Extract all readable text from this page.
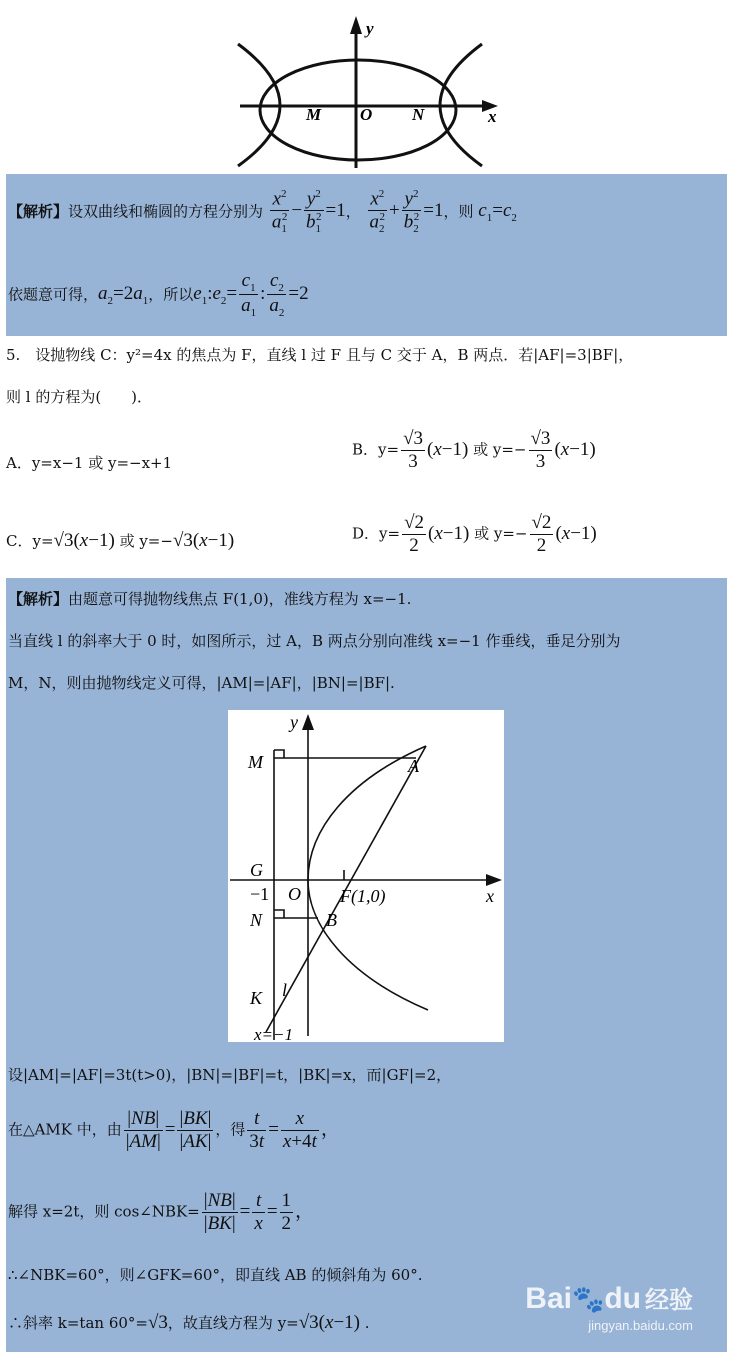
y
x
M O N
【解析】设双曲线和椭圆的方程分别为 $\frac{x^2}{a_1^2} - \frac{y^2}{b_1^2} =1$， $\frac{x^2}{a_2^2} + \frac{y^2}{b_2^2} =1$，则 $c_1=c_2$
依题意可得，$a_2=2a_1$，所以$e_1:e_2= \frac{c_1}{a_1}$ : $\frac{c_2}{a_2} =2$
5.　设抛物线 C：y²=4x 的焦点为 F，直线 l 过 F 且与 C 交于 A，B 两点．若|AF|=3|BF|，
则 l 的方程为(　　)．
A．y=x−1 或 y=−x+1
B．$y= \frac{√3}{3} (x-1)$ 或 $y=- \frac{√3}{3} (x-1)$
C．y=√3(x−1) 或 y=−√3(x−1)	D．$y= \frac{√2}{2} (x-1)$ 或 $y=- \frac{√2}{2} (x-1)$
【解析】由题意可得抛物线焦点 F(1,0)，准线方程为 x=−1.
当直线 l 的斜率大于 0 时，如图所示，过 A，B 两点分别向准线 x=−1 作垂线，垂足分别为
M，N，则由抛物线定义可得，|AM|=|AF|，|BN|=|BF|.
y
x
M	A
G
O F(1,0)
N	B
K l
−1
x=−1
设|AM|=|AF|=3t(t>0)，|BN|=|BF|=t，|BK|=x，而|GF|=2，
在△AMK 中，由 $\frac{|NB|}{|AM|} = \frac{|BK|}{|AK|}$ ，得 $\frac{t}{3t} = \frac{x}{x+4t}$ ，
解得 x=2t，则 cos∠NBK= $\frac{|NB|}{|BK|} = \frac{t}{x} = \frac{1}{2}$ ，
∴∠NBK=60°，则∠GFK=60°，即直线 AB 的倾斜角为 60°.
∴斜率 k=tan 60°=√3，故直线方程为 y=√3(x−1) .
Bai🐾du 经验
jingyan.baidu.com
